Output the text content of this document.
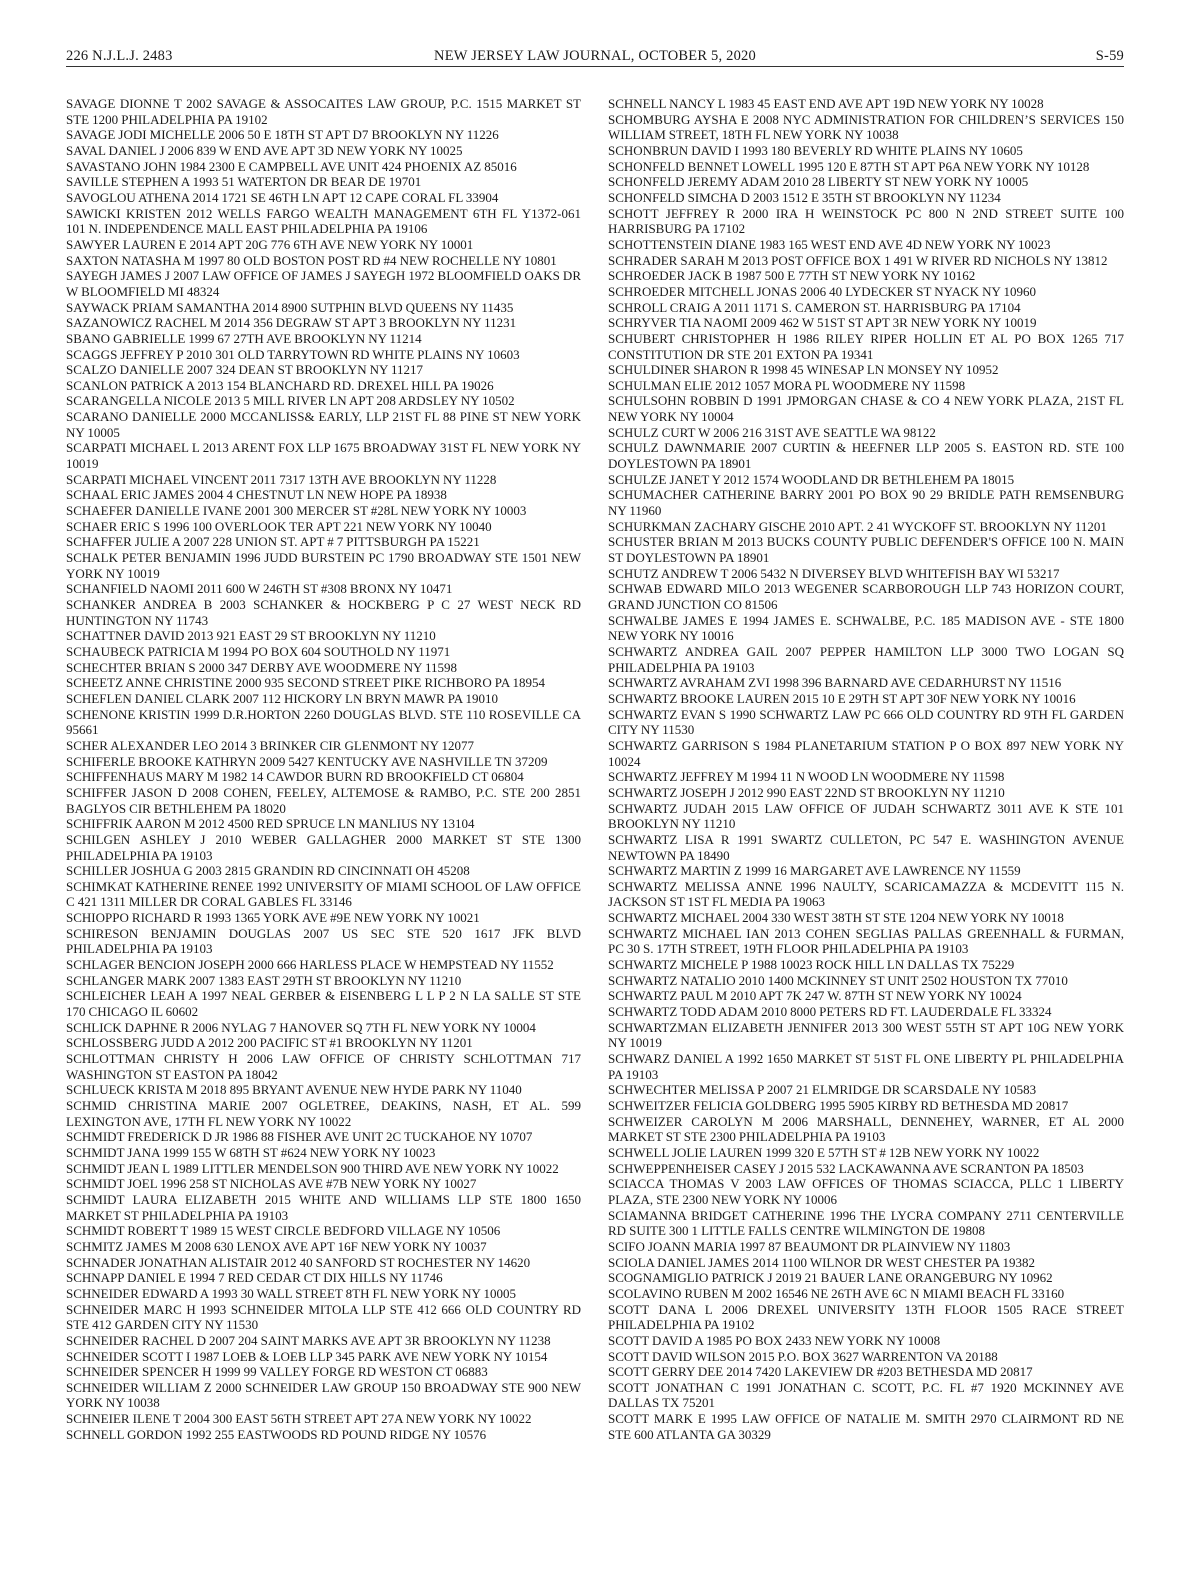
226 N.J.L.J. 2483	NEW JERSEY LAW JOURNAL, OCTOBER 5, 2020	S-59

SAVAGE DIONNE T 2002 SAVAGE & ASSOCAITES LAW GROUP, P.C. 1515 MARKET ST STE 1200 PHILADELPHIA PA 19102

SAVAGE JODI MICHELLE 2006 50 E 18TH ST APT D7 BROOKLYN NY 11226

SAVAL DANIEL J 2006 839 W END AVE APT 3D NEW YORK NY 10025

SAVASTANO JOHN 1984 2300 E CAMPBELL AVE UNIT 424 PHOENIX AZ 85016

SAVILLE STEPHEN A 1993 51 WATERTON DR BEAR DE 19701

SAVOGLOU ATHENA 2014 1721 SE 46TH LN APT 12 CAPE CORAL FL 33904

SAWICKI KRISTEN 2012 WELLS FARGO WEALTH MANAGEMENT 6TH FL Y1372-061 101 N. INDEPENDENCE MALL EAST PHILADELPHIA PA 19106

SAWYER LAUREN E 2014 APT 20G 776 6TH AVE NEW YORK NY 10001

SAXTON NATASHA M 1997 80 OLD BOSTON POST RD #4 NEW ROCHELLE NY 10801

SAYEGH JAMES J 2007 LAW OFFICE OF JAMES J SAYEGH 1972 BLOOMFIELD OAKS DR W BLOOMFIELD MI 48324

SAYWACK PRIAM SAMANTHA 2014 8900 SUTPHIN BLVD QUEENS NY 11435

SAZANOWICZ RACHEL M 2014 356 DEGRAW ST APT 3 BROOKLYN NY 11231

SBANO GABRIELLE 1999 67 27TH AVE BROOKLYN NY 11214

SCAGGS JEFFREY P 2010 301 OLD TARRYTOWN RD WHITE PLAINS NY 10603

SCALZO DANIELLE 2007 324 DEAN ST BROOKLYN NY 11217

SCANLON PATRICK A 2013 154 BLANCHARD RD. DREXEL HILL PA 19026

SCARANGELLA NICOLE 2013 5 MILL RIVER LN APT 208 ARDSLEY NY 10502

SCARANO DANIELLE 2000 MCCANLISS& EARLY, LLP 21ST FL 88 PINE ST NEW YORK NY 10005

SCARPATI MICHAEL L 2013 ARENT FOX LLP 1675 BROADWAY 31ST FL NEW YORK NY 10019

SCARPATI MICHAEL VINCENT 2011 7317 13TH AVE BROOKLYN NY 11228

SCHAAL ERIC JAMES 2004 4 CHESTNUT LN NEW HOPE PA 18938

SCHAEFER DANIELLE IVANE 2001 300 MERCER ST #28L NEW YORK NY 10003

SCHAER ERIC S 1996 100 OVERLOOK TER APT 221 NEW YORK NY 10040

SCHAFFER JULIE A 2007 228 UNION ST. APT # 7 PITTSBURGH PA 15221

SCHALK PETER BENJAMIN 1996 JUDD BURSTEIN PC 1790 BROADWAY STE 1501 NEW YORK NY 10019

SCHANFIELD NAOMI 2011 600 W 246TH ST #308 BRONX NY 10471

SCHANKER ANDREA B 2003 SCHANKER & HOCKBERG P C 27 WEST NECK RD HUNTINGTON NY 11743

SCHATTNER DAVID 2013 921 EAST 29 ST BROOKLYN NY 11210

SCHAUBECK PATRICIA M 1994 PO BOX 604 SOUTHOLD NY 11971

SCHECHTER BRIAN S 2000 347 DERBY AVE WOODMERE NY 11598

SCHEETZ ANNE CHRISTINE 2000 935 SECOND STREET PIKE RICHBORO PA 18954

SCHEFLEN DANIEL CLARK 2007 112 HICKORY LN BRYN MAWR PA 19010

SCHENONE KRISTIN 1999 D.R.HORTON 2260 DOUGLAS BLVD. STE 110 ROSEVILLE CA 95661

SCHER ALEXANDER LEO 2014 3 BRINKER CIR GLENMONT NY 12077

SCHIFERLE BROOKE KATHRYN 2009 5427 KENTUCKY AVE NASHVILLE TN 37209

SCHIFFENHAUS MARY M 1982 14 CAWDOR BURN RD BROOKFIELD CT 06804

SCHIFFER JASON D 2008 COHEN, FEELEY, ALTEMOSE & RAMBO, P.C. STE 200 2851 BAGLYOS CIR BETHLEHEM PA 18020

SCHIFFRIK AARON M 2012 4500 RED SPRUCE LN MANLIUS NY 13104

SCHILGEN ASHLEY J 2010 WEBER GALLAGHER 2000 MARKET ST STE 1300 PHILADELPHIA PA 19103

SCHILLER JOSHUA G 2003 2815 GRANDIN RD CINCINNATI OH 45208

SCHIMKAT KATHERINE RENEE 1992 UNIVERSITY OF MIAMI SCHOOL OF LAW OFFICE C 421 1311 MILLER DR CORAL GABLES FL 33146

SCHIOPPO RICHARD R 1993 1365 YORK AVE #9E NEW YORK NY 10021

SCHIRESON BENJAMIN DOUGLAS 2007 US SEC STE 520 1617 JFK BLVD PHILADELPHIA PA 19103

SCHLAGER BENCION JOSEPH 2000 666 HARLESS PLACE W HEMPSTEAD NY 11552

SCHLANGER MARK 2007 1383 EAST 29TH ST BROOKLYN NY 11210

SCHLEICHER LEAH A 1997 NEAL GERBER & EISENBERG L L P 2 N LA SALLE ST STE 170 CHICAGO IL 60602

SCHLICK DAPHNE R 2006 NYLAG 7 HANOVER SQ 7TH FL NEW YORK NY 10004

SCHLOSSBERG JUDD A 2012 200 PACIFIC ST #1 BROOKLYN NY 11201

SCHLOTTMAN CHRISTY H 2006 LAW OFFICE OF CHRISTY SCHLOTTMAN 717 WASHINGTON ST EASTON PA 18042

SCHLUECK KRISTA M 2018 895 BRYANT AVENUE NEW HYDE PARK NY 11040

SCHMID CHRISTINA MARIE 2007 OGLETREE, DEAKINS, NASH, ET AL. 599 LEXINGTON AVE, 17TH FL NEW YORK NY 10022

SCHMIDT FREDERICK D JR 1986 88 FISHER AVE UNIT 2C TUCKAHOE NY 10707

SCHMIDT JANA 1999 155 W 68TH ST #624 NEW YORK NY 10023

SCHMIDT JEAN L 1989 LITTLER MENDELSON 900 THIRD AVE NEW YORK NY 10022

SCHMIDT JOEL 1996 258 ST NICHOLAS AVE #7B NEW YORK NY 10027

SCHMIDT LAURA ELIZABETH 2015 WHITE AND WILLIAMS LLP STE 1800 1650 MARKET ST PHILADELPHIA PA 19103

SCHMIDT ROBERT T 1989 15 WEST CIRCLE BEDFORD VILLAGE NY 10506

SCHMITZ JAMES M 2008 630 LENOX AVE APT 16F NEW YORK NY 10037

SCHNADER JONATHAN ALISTAIR 2012 40 SANFORD ST ROCHESTER NY 14620

SCHNAPP DANIEL E 1994 7 RED CEDAR CT DIX HILLS NY 11746

SCHNEIDER EDWARD A 1993 30 WALL STREET 8TH FL NEW YORK NY 10005

SCHNEIDER MARC H 1993 SCHNEIDER MITOLA LLP STE 412 666 OLD COUNTRY RD STE 412 GARDEN CITY NY 11530

SCHNEIDER RACHEL D 2007 204 SAINT MARKS AVE APT 3R BROOKLYN NY 11238

SCHNEIDER SCOTT I 1987 LOEB & LOEB LLP 345 PARK AVE NEW YORK NY 10154

SCHNEIDER SPENCER H 1999 99 VALLEY FORGE RD WESTON CT 06883

SCHNEIDER WILLIAM Z 2000 SCHNEIDER LAW GROUP 150 BROADWAY STE 900 NEW YORK NY 10038

SCHNEIER ILENE T 2004 300 EAST 56TH STREET APT 27A NEW YORK NY 10022

SCHNELL GORDON 1992 255 EASTWOODS RD POUND RIDGE NY 10576

SCHNELL NANCY L 1983 45 EAST END AVE APT 19D NEW YORK NY 10028

SCHOMBURG AYSHA E 2008 NYC ADMINISTRATION FOR CHILDREN’S SERVICES 150 WILLIAM STREET, 18TH FL NEW YORK NY 10038

SCHONBRUN DAVID I 1993 180 BEVERLY RD WHITE PLAINS NY 10605

SCHONFELD BENNET LOWELL 1995 120 E 87TH ST APT P6A NEW YORK NY 10128

SCHONFELD JEREMY ADAM 2010 28 LIBERTY ST NEW YORK NY 10005

SCHONFELD SIMCHA D 2003 1512 E 35TH ST BROOKLYN NY 11234

SCHOTT JEFFREY R 2000 IRA H WEINSTOCK PC 800 N 2ND STREET SUITE 100 HARRISBURG PA 17102

SCHOTTENSTEIN DIANE 1983 165 WEST END AVE 4D NEW YORK NY 10023

SCHRADER SARAH M 2013 POST OFFICE BOX 1 491 W RIVER RD NICHOLS NY 13812

SCHROEDER JACK B 1987 500 E 77TH ST NEW YORK NY 10162

SCHROEDER MITCHELL JONAS 2006 40 LYDECKER ST NYACK NY 10960

SCHROLL CRAIG A 2011 1171 S. CAMERON ST. HARRISBURG PA 17104

SCHRYVER TIA NAOMI 2009 462 W 51ST ST APT 3R NEW YORK NY 10019

SCHUBERT CHRISTOPHER H 1986 RILEY RIPER HOLLIN ET AL PO BOX 1265 717 CONSTITUTION DR STE 201 EXTON PA 19341

SCHULDINER SHARON R 1998 45 WINESAP LN MONSEY NY 10952

SCHULMAN ELIE 2012 1057 MORA PL WOODMERE NY 11598

SCHULSOHN ROBBIN D 1991 JPMORGAN CHASE & CO 4 NEW YORK PLAZA, 21ST FL NEW YORK NY 10004

SCHULZ CURT W 2006 216 31ST AVE SEATTLE WA 98122

SCHULZ DAWNMARIE 2007 CURTIN & HEEFNER LLP 2005 S. EASTON RD. STE 100 DOYLESTOWN PA 18901

SCHULZE JANET Y 2012 1574 WOODLAND DR BETHLEHEM PA 18015

SCHUMACHER CATHERINE BARRY 2001 PO BOX 90 29 BRIDLE PATH REMSENBURG NY 11960

SCHURKMAN ZACHARY GISCHE 2010 APT. 2 41 WYCKOFF ST. BROOKLYN NY 11201

SCHUSTER BRIAN M 2013 BUCKS COUNTY PUBLIC DEFENDER'S OFFICE 100 N. MAIN ST DOYLESTOWN PA 18901

SCHUTZ ANDREW T 2006 5432 N DIVERSEY BLVD WHITEFISH BAY WI 53217

SCHWAB EDWARD MILO 2013 WEGENER SCARBOROUGH LLP 743 HORIZON COURT, GRAND JUNCTION CO 81506

SCHWALBE JAMES E 1994 JAMES E. SCHWALBE, P.C. 185 MADISON AVE - STE 1800 NEW YORK NY 10016

SCHWARTZ ANDREA GAIL 2007 PEPPER HAMILTON LLP 3000 TWO LOGAN SQ PHILADELPHIA PA 19103

SCHWARTZ AVRAHAM ZVI 1998 396 BARNARD AVE CEDARHURST NY 11516

SCHWARTZ BROOKE LAUREN 2015 10 E 29TH ST APT 30F NEW YORK NY 10016

SCHWARTZ EVAN S 1990 SCHWARTZ LAW PC 666 OLD COUNTRY RD 9TH FL GARDEN CITY NY 11530

SCHWARTZ GARRISON S 1984 PLANETARIUM STATION P O BOX 897 NEW YORK NY 10024

SCHWARTZ JEFFREY M 1994 11 N WOOD LN WOODMERE NY 11598

SCHWARTZ JOSEPH J 2012 990 EAST 22ND ST BROOKLYN NY 11210

SCHWARTZ JUDAH 2015 LAW OFFICE OF JUDAH SCHWARTZ 3011 AVE K STE 101 BROOKLYN NY 11210

SCHWARTZ LISA R 1991 SWARTZ CULLETON, PC 547 E. WASHINGTON AVENUE NEWTOWN PA 18490

SCHWARTZ MARTIN Z 1999 16 MARGARET AVE LAWRENCE NY 11559

SCHWARTZ MELISSA ANNE 1996 NAULTY, SCARICAMAZZA & MCDEVITT 115 N. JACKSON ST 1ST FL MEDIA PA 19063

SCHWARTZ MICHAEL 2004 330 WEST 38TH ST STE 1204 NEW YORK NY 10018

SCHWARTZ MICHAEL IAN 2013 COHEN SEGLIAS PALLAS GREENHALL & FURMAN, PC 30 S. 17TH STREET, 19TH FLOOR PHILADELPHIA PA 19103

SCHWARTZ MICHELE P 1988 10023 ROCK HILL LN DALLAS TX 75229

SCHWARTZ NATALIO 2010 1400 MCKINNEY ST UNIT 2502 HOUSTON TX 77010

SCHWARTZ PAUL M 2010 APT 7K 247 W. 87TH ST NEW YORK NY 10024

SCHWARTZ TODD ADAM 2010 8000 PETERS RD FT. LAUDERDALE FL 33324

SCHWARTZMAN ELIZABETH JENNIFER 2013 300 WEST 55TH ST APT 10G NEW YORK NY 10019

SCHWARZ DANIEL A 1992 1650 MARKET ST 51ST FL ONE LIBERTY PL PHILADELPHIA PA 19103

SCHWECHTER MELISSA P 2007 21 ELMRIDGE DR SCARSDALE NY 10583

SCHWEITZER FELICIA GOLDBERG 1995 5905 KIRBY RD BETHESDA MD 20817

SCHWEIZER CAROLYN M 2006 MARSHALL, DENNEHEY, WARNER, ET AL 2000 MARKET ST STE 2300 PHILADELPHIA PA 19103

SCHWELL JOLIE LAUREN 1999 320 E 57TH ST # 12B NEW YORK NY 10022

SCHWEPPENHEISER CASEY J 2015 532 LACKAWANNA AVE SCRANTON PA 18503

SCIACCA THOMAS V 2003 LAW OFFICES OF THOMAS SCIACCA, PLLC 1 LIBERTY PLAZA, STE 2300 NEW YORK NY 10006

SCIAMANNA BRIDGET CATHERINE 1996 THE LYCRA COMPANY 2711 CENTERVILLE RD SUITE 300 1 LITTLE FALLS CENTRE WILMINGTON DE 19808

SCIFO JOANN MARIA 1997 87 BEAUMONT DR PLAINVIEW NY 11803

SCIOLA DANIEL JAMES 2014 1100 WILNOR DR WEST CHESTER PA 19382

SCOGNAMIGLIO PATRICK J 2019 21 BAUER LANE ORANGEBURG NY 10962

SCOLAVINO RUBEN M 2002 16546 NE 26TH AVE 6C N MIAMI BEACH FL 33160

SCOTT DANA L 2006 DREXEL UNIVERSITY 13TH FLOOR 1505 RACE STREET PHILADELPHIA PA 19102

SCOTT DAVID A 1985 PO BOX 2433 NEW YORK NY 10008

SCOTT DAVID WILSON 2015 P.O. BOX 3627 WARRENTON VA 20188

SCOTT GERRY DEE 2014 7420 LAKEVIEW DR #203 BETHESDA MD 20817

SCOTT JONATHAN C 1991 JONATHAN C. SCOTT, P.C. FL #7 1920 MCKINNEY AVE DALLAS TX 75201

SCOTT MARK E 1995 LAW OFFICE OF NATALIE M. SMITH 2970 CLAIRMONT RD NE STE 600 ATLANTA GA 30329
